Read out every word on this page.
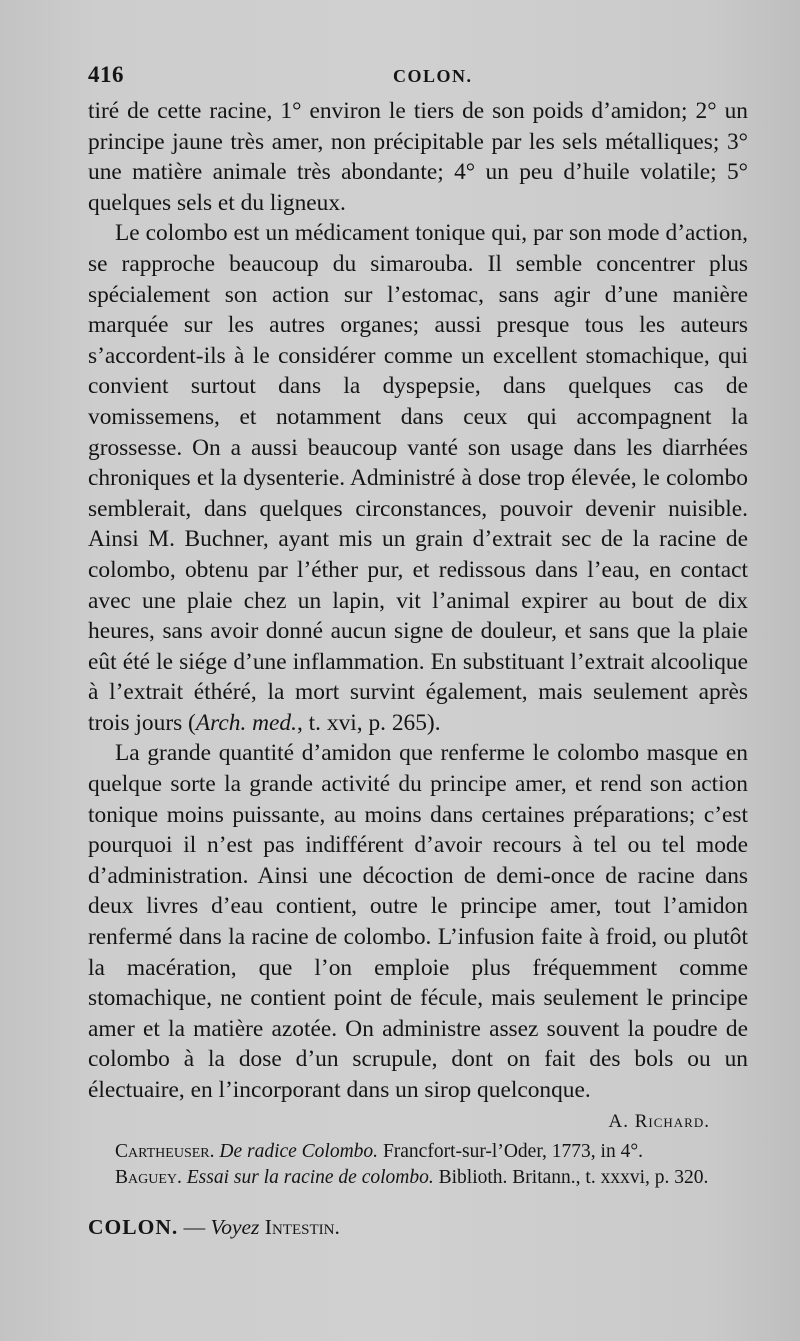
416	COLON.

tiré de cette racine, 1° environ le tiers de son poids d’amidon; 2° un principe jaune très amer, non précipitable par les sels métalliques; 3° une matière animale très abondante; 4° un peu d’huile volatile; 5° quelques sels et du ligneux.

Le colombo est un médicament tonique qui, par son mode d’action, se rapproche beaucoup du simarouba. Il semble concentrer plus spécialement son action sur l’estomac, sans agir d’une manière marquée sur les autres organes; aussi presque tous les auteurs s’accordent-ils à le considérer comme un excellent stomachique, qui convient surtout dans la dyspepsie, dans quelques cas de vomissemens, et notamment dans ceux qui accompagnent la grossesse. On a aussi beaucoup vanté son usage dans les diarrhées chroniques et la dysenterie. Administré à dose trop élevée, le colombo semblerait, dans quelques circonstances, pouvoir devenir nuisible. Ainsi M. Buchner, ayant mis un grain d’extrait sec de la racine de colombo, obtenu par l’éther pur, et redissous dans l’eau, en contact avec une plaie chez un lapin, vit l’animal expirer au bout de dix heures, sans avoir donné aucun signe de douleur, et sans que la plaie eût été le siége d’une inflammation. En substituant l’extrait alcoolique à l’extrait éthéré, la mort survint également, mais seulement après trois jours (Arch. med., t. xvi, p. 265).

La grande quantité d’amidon que renferme le colombo masque en quelque sorte la grande activité du principe amer, et rend son action tonique moins puissante, au moins dans certaines préparations; c’est pourquoi il n’est pas indifférent d’avoir recours à tel ou tel mode d’administration. Ainsi une décoction de demi-once de racine dans deux livres d’eau contient, outre le principe amer, tout l’amidon renfermé dans la racine de colombo. L’infusion faite à froid, ou plutôt la macération, que l’on emploie plus fréquemment comme stomachique, ne contient point de fécule, mais seulement le principe amer et la matière azotée. On administre assez souvent la poudre de colombo à la dose d’un scrupule, dont on fait des bols ou un électuaire, en l’incorporant dans un sirop quelconque.

A. Richard.

Cartheuser. De radice Colombo. Francfort-sur-l’Oder, 1773, in 4°.

Baguey. Essai sur la racine de colombo. Biblioth. Britann., t. xxxvi, p. 320.

COLON. — Voyez Intestin.
